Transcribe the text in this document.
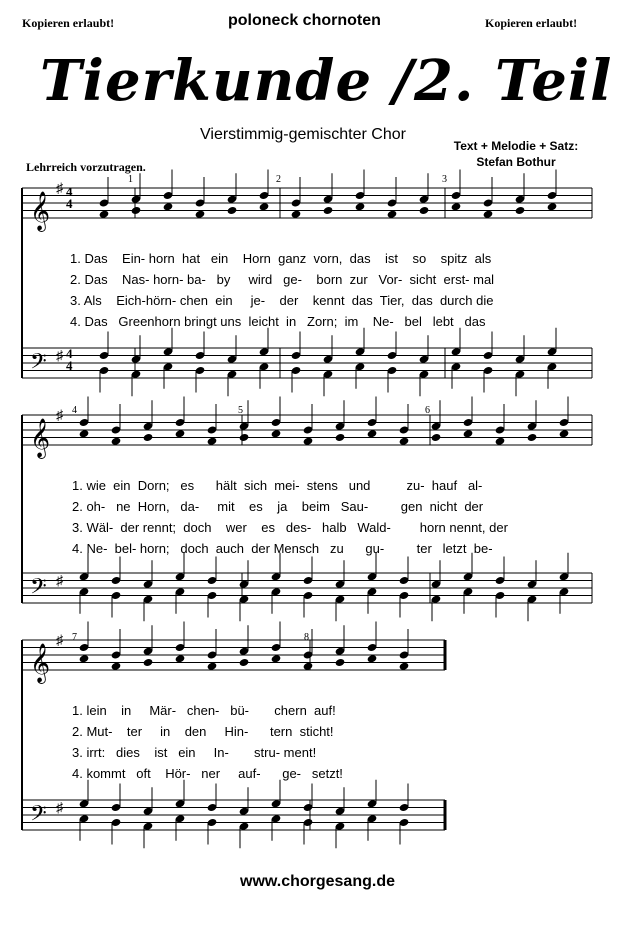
Kopieren erlaubt!	poloneck chornoten	Kopieren erlaubt!
Tierkunde /2. Teil
Vierstimmig-gemischter Chor
Text + Melodie + Satz:
Stefan Bothur
Lehrreich vorzutragen.
𝄞
♯
𝄢 ♯
𝄞
♯
𝄢 ♯
𝄞
♯
𝄢 ♯
1	2	3
4	5	6
7	8
4
4
4
4
1. Das    Ein- horn  hat   ein    Horn  ganz  vorn,  das    ist    so    spitz  als
2. Das    Nas- horn- ba-   by     wird   ge-    born  zur   Vor-  sicht  erst- mal
3. Als    Eich-hörn- chen  ein     je-    der    kennt  das  Tier,  das  durch die
4. Das   Greenhorn bringt uns  leicht  in   Zorn;  im    Ne-   bel   lebt   das
1. wie  ein  Dorn;   es      hält  sich  mei-  stens   und          zu-  hauf   al-
2. oh-   ne  Horn,   da-     mit    es    ja    beim   Sau-         gen  nicht  der
3. Wäl-  der rennt;  doch    wer    es   des-   halb   Wald-        horn nennt, der
4. Ne-  bel- horn;   doch  auch  der Mensch   zu      gu-         ter   letzt  be-
1. lein    in     Mär-   chen-   bü-       chern  auf!
2. Mut-    ter     in    den     Hin-      tern  sticht!
3. irrt:   dies    ist   ein     In-       stru- ment!
4. kommt   oft    Hör-   ner     auf-      ge-   setzt!
www.chorgesang.de
